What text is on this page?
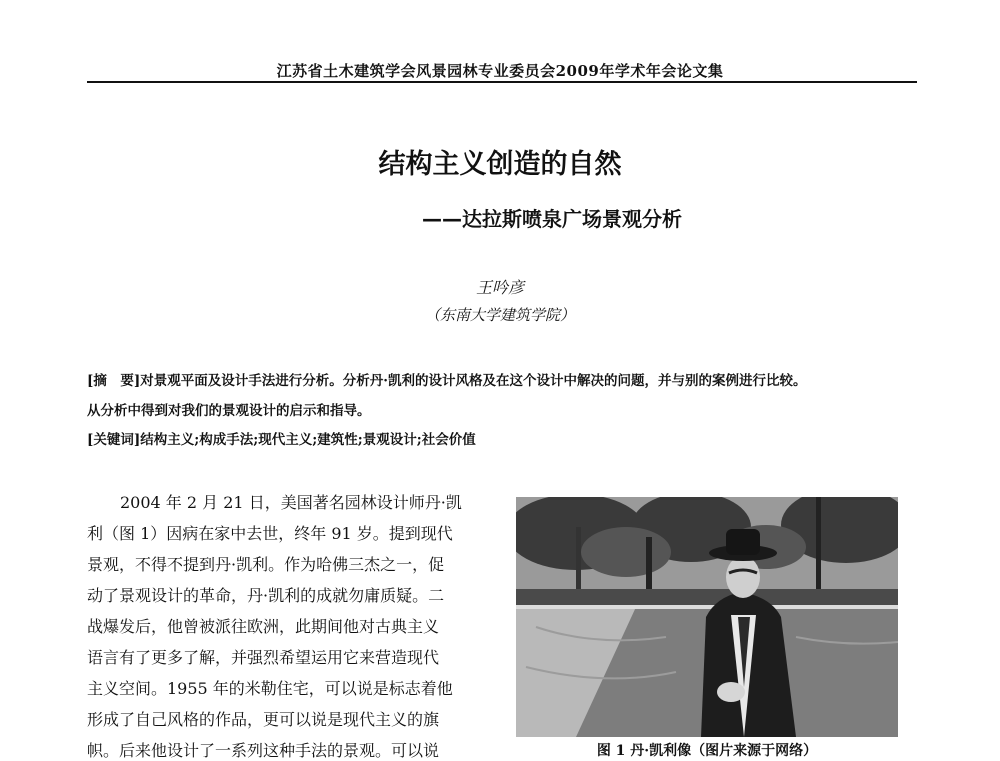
江苏省土木建筑学会风景园林专业委员会2009年学术年会论文集
结构主义创造的自然
——达拉斯喷泉广场景观分析
王吟彦
（东南大学建筑学院）
[摘　要]对景观平面及设计手法进行分析。分析丹·凯利的设计风格及在这个设计中解决的问题，并与别的案例进行比较。
从分析中得到对我们的景观设计的启示和指导。
[关键词]结构主义;构成手法;现代主义;建筑性;景观设计;社会价值
2004 年 2 月 21 日，美国著名园林设计师丹·凯
利（图 1）因病在家中去世，终年 91 岁。提到现代
景观，不得不提到丹·凯利。作为哈佛三杰之一，促
动了景观设计的革命，丹·凯利的成就勿庸质疑。二
战爆发后，他曾被派往欧洲，此期间他对古典主义
语言有了更多了解，并强烈希望运用它来营造现代
主义空间。1955 年的米勒住宅，可以说是标志着他
形成了自己风格的作品，更可以说是现代主义的旗
帜。后来他设计了一系列这种手法的景观。可以说	图 1 丹·凯利像（图片来源于网络）
